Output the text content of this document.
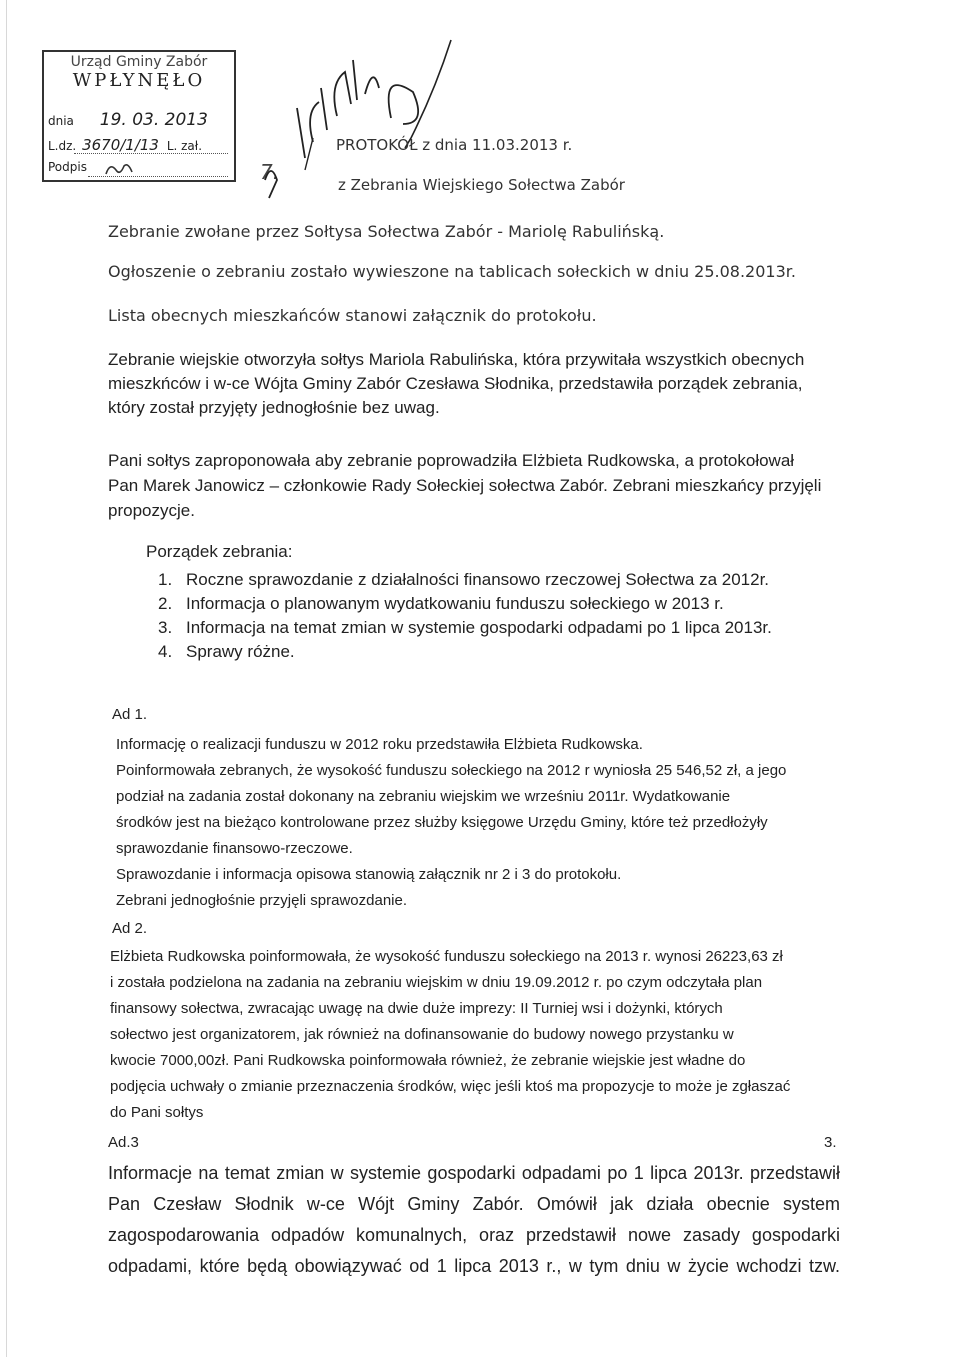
Urząd Gminy Zabór
WPŁYNĘŁO
dnia 19. 03. 2013
L.dz. 3670/1/13 L. zał.
Podpis	7.
PROTOKÓŁ z dnia 11.03.2013 r.
z Zebrania Wiejskiego Sołectwa Zabór
Zebranie zwołane przez Sołtysa Sołectwa Zabór - Mariolę Rabulińską.
Ogłoszenie o zebraniu zostało wywieszone na tablicach sołeckich w dniu 25.08.2013r.
Lista obecnych mieszkańców stanowi załącznik do protokołu.
Zebranie wiejskie otworzyła sołtys Mariola Rabulińska, która przywitała wszystkich obecnych
mieszkńców i w-ce Wójta Gminy Zabór Czesława Słodnika, przedstawiła porządek zebrania,
który został przyjęty jednogłośnie bez uwag.
Pani sołtys zaproponowała aby zebranie poprowadziła Elżbieta Rudkowska, a protokołował
Pan Marek Janowicz – członkowie Rady Sołeckiej sołectwa Zabór. Zebrani mieszkańcy przyjęli
propozycje.
Porządek zebrania:
1. Roczne sprawozdanie z działalności finansowo rzeczowej Sołectwa za 2012r.
2. Informacja o planowanym wydatkowaniu funduszu sołeckiego w 2013 r.
3. Informacja na temat zmian w systemie gospodarki odpadami po 1 lipca 2013r.
4. Sprawy różne.
Ad 1.
Informację o realizacji funduszu w 2012 roku przedstawiła Elżbieta Rudkowska.
Poinformowała zebranych, że wysokość funduszu sołeckiego na 2012 r wyniosła 25 546,52 zł, a jego
podział na zadania został dokonany na zebraniu wiejskim we wrześniu 2011r. Wydatkowanie
środków jest na bieżąco kontrolowane przez służby księgowe Urzędu Gminy, które też przedłożyły
sprawozdanie finansowo-rzeczowe.
Sprawozdanie i informacja opisowa stanowią załącznik nr 2 i 3 do protokołu.
Zebrani jednogłośnie przyjęli sprawozdanie.
Ad 2.
Elżbieta Rudkowska poinformowała, że wysokość funduszu sołeckiego na 2013 r. wynosi 26223,63 zł
i została podzielona na zadania na zebraniu wiejskim w dniu 19.09.2012 r. po czym odczytała plan
finansowy sołectwa, zwracając uwagę na dwie duże imprezy: II Turniej wsi i dożynki, których
sołectwo jest organizatorem, jak również na dofinansowanie do budowy nowego przystanku w
kwocie 7000,00zł. Pani Rudkowska poinformowała również, że zebranie wiejskie jest władne do
podjęcia uchwały o zmianie przeznaczenia środków, więc jeśli ktoś ma propozycje to może je zgłaszać
do Pani sołtys
Ad.3	3.
Informacje na temat zmian w systemie gospodarki odpadami po 1 lipca 2013r. przedstawił
Pan Czesław Słodnik w-ce Wójt Gminy Zabór. Omówił jak działa obecnie system
zagospodarowania odpadów komunalnych, oraz przedstawił nowe zasady gospodarki
odpadami, które będą obowiązywać od 1 lipca 2013 r., w tym dniu w życie wchodzi tzw.
